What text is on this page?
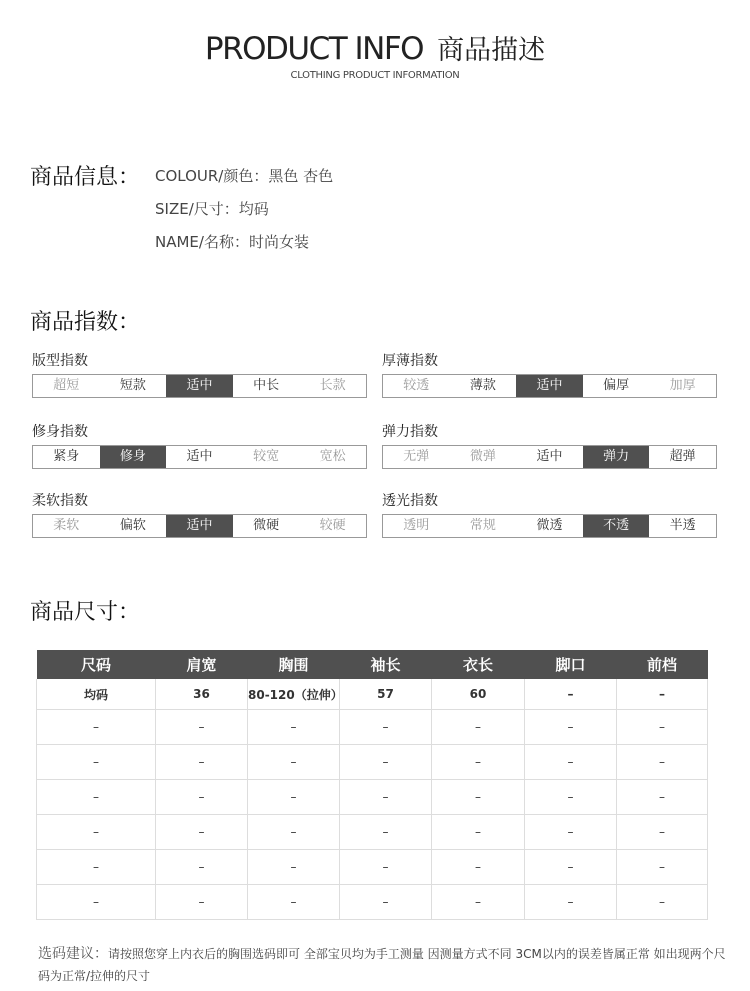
PRODUCT INFO 商品描述
CLOTHING PRODUCT INFORMATION
商品信息： COLOUR/颜色：黑色 杏色
SIZE/尺寸：均码
NAME/名称：时尚女装
商品指数：
版型指数
超短	短款	适中	中长	长款
厚薄指数
较透	薄款	适中	偏厚	加厚
修身指数
紧身	修身	适中	较宽	宽松
弹力指数
无弹	微弹	适中	弹力	超弹
柔软指数
柔软	偏软	适中	微硬	较硬
透光指数
透明	常规	微透	不透	半透
商品尺寸：
尺码	肩宽	胸围	袖长	衣长	脚口	前档
均码	36	80-120（拉伸）	57	60	–	–
–	–	–	–	–	–	–
–	–	–	–	–	–	–
–	–	–	–	–	–	–
–	–	–	–	–	–	–
–	–	–	–	–	–	–
–	–	–	–	–	–	–
选码建议：请按照您穿上内衣后的胸围选码即可 全部宝贝均为手工测量 因测量方式不同 3CM以内的误差皆属正常 如出现两个尺码为正常/拉伸的尺寸
